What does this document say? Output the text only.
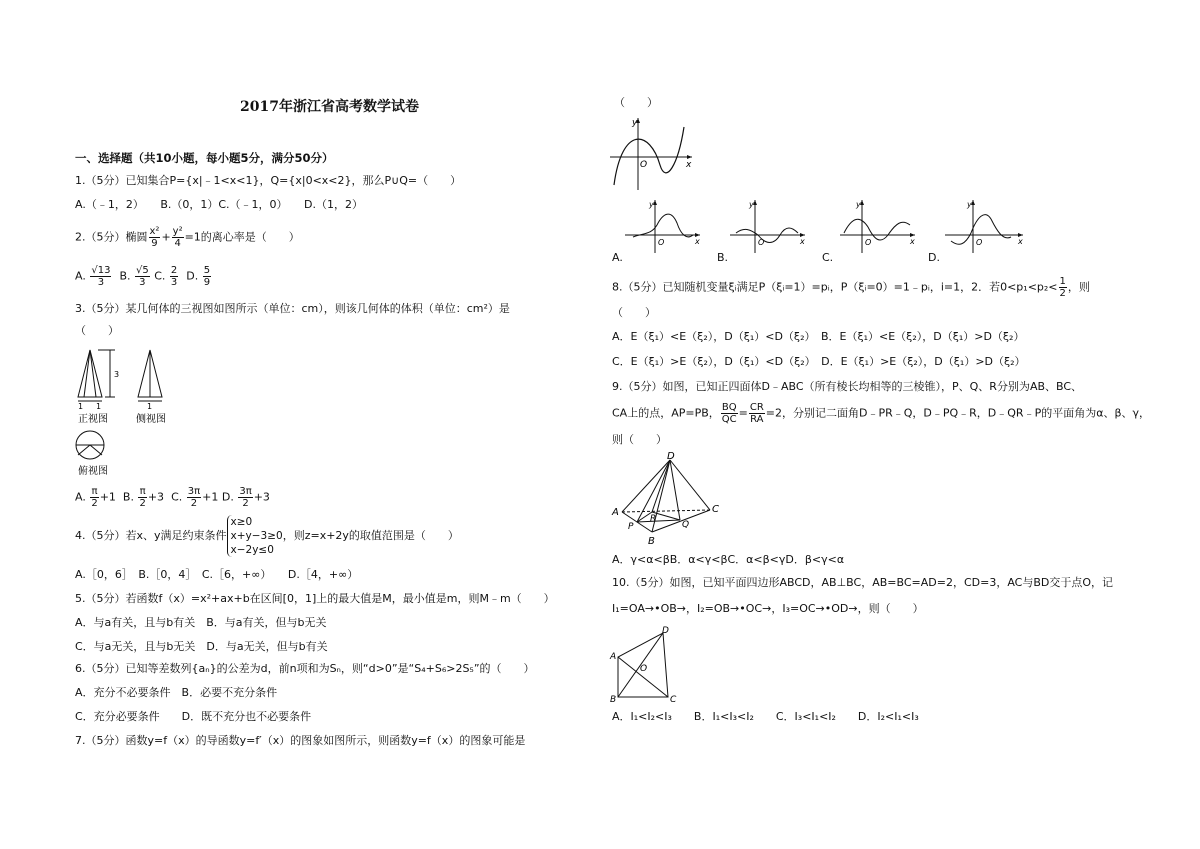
2017年浙江省高考数学试卷
一、选择题（共10小题，每小题5分，满分50分）
1.（5分）已知集合P={x|﹣1<x<1}，Q={x|0<x<2}，那么P∪Q=（　　）
A.（﹣1，2）　　B.（0，1）C.（﹣1，0）　　D.（1，2）
2.（5分）椭圆 $\frac{\text{x²}}{9} + \frac{\text{y²}}{4} =1$的离心率是（　　）
A. $\frac{√13}{3} B$. $\frac{√5}{3} C$. $\frac{2}{3} D$. $\frac{5}{9}$
3.（5分）某几何体的三视图如图所示（单位：cm），则该几何体的体积（单位：cm²）是
（　　）
3
1 1
正视图
1
侧视图
俯视图
A. $\frac{\pi}{2} +1$ B. $\frac{\pi}{2} +3$ C. $\frac{3\pi}{2} +1$ D. $\frac{3\pi}{2} +3$
4.（5分）若x、y满足约束条件x≥0
x+y−3≥0
x−2y≤0，则z=x+2y的取值范围是（　　）
A.［0，6］　B.［0，4］　C.［6，+∞）　　D.［4，+∞）
5.（5分）若函数f（x）=x²+ax+b在区间[0，1]上的最大值是M，最小值是m，则M﹣m（　　）
A．与a有关，且与b有关　B．与a有关，但与b无关
C．与a无关，且与b无关　D．与a无关，但与b有关
6.（5分）已知等差数列{aₙ}的公差为d，前n项和为Sₙ，则“d>0”是“S₄+S₆>2S₅”的（　　）
A．充分不必要条件　B．必要不充分条件
C．充分必要条件　　D．既不充分也不必要条件
7.（5分）函数y=f（x）的导函数y=f′（x）的图象如图所示，则函数y=f（x）的图象可能是
（　　）
y
x
O
y
x
O
y
x
O
y
x
O
y
x
O
A.	B.	C.	D.
8.（5分）已知随机变量ξᵢ满足P（ξᵢ=1）=pᵢ，P（ξᵢ=0）=1﹣pᵢ，i=1，2．若$0<p_1<p_2< \frac{1}{2}$ ，则
（　　）
A．E（ξ₁）<E（ξ₂），D（ξ₁）<D（ξ₂）　B．E（ξ₁）<E（ξ₂），D（ξ₁）>D（ξ₂）
C．E（ξ₁）>E（ξ₂），D（ξ₁）<D（ξ₂）　D．E（ξ₁）>E（ξ₂），D（ξ₁）>D（ξ₂）
9.（5分）如图，已知正四面体D﹣ABC（所有棱长均相等的三棱锥），P、Q、R分别为AB、BC、
CA上的点，AP=PB， $\frac{BQ}{QC} = \frac{CR}{RA} =2$，分别记二面角D﹣PR﹣Q，D﹣PQ﹣R，D﹣QR﹣P的平面角为α、β、γ，
则（　　）
D
A
B
C
P	Q
R
A．γ<α<βB．α<γ<βC．α<β<γD．β<γ<α
10.（5分）如图，已知平面四边形ABCD，AB⊥BC，AB=BC=AD=2，CD=3，AC与BD交于点O，记
I₁=OA→•OB→，I₂=OB→•OC→，I₃=OC→•OD→，则（　　）
A
B	C
D
O
A．I₁<I₂<I₃　　B．I₁<I₃<I₂　　C．I₃<I₁<I₂　　D．I₂<I₁<I₃
